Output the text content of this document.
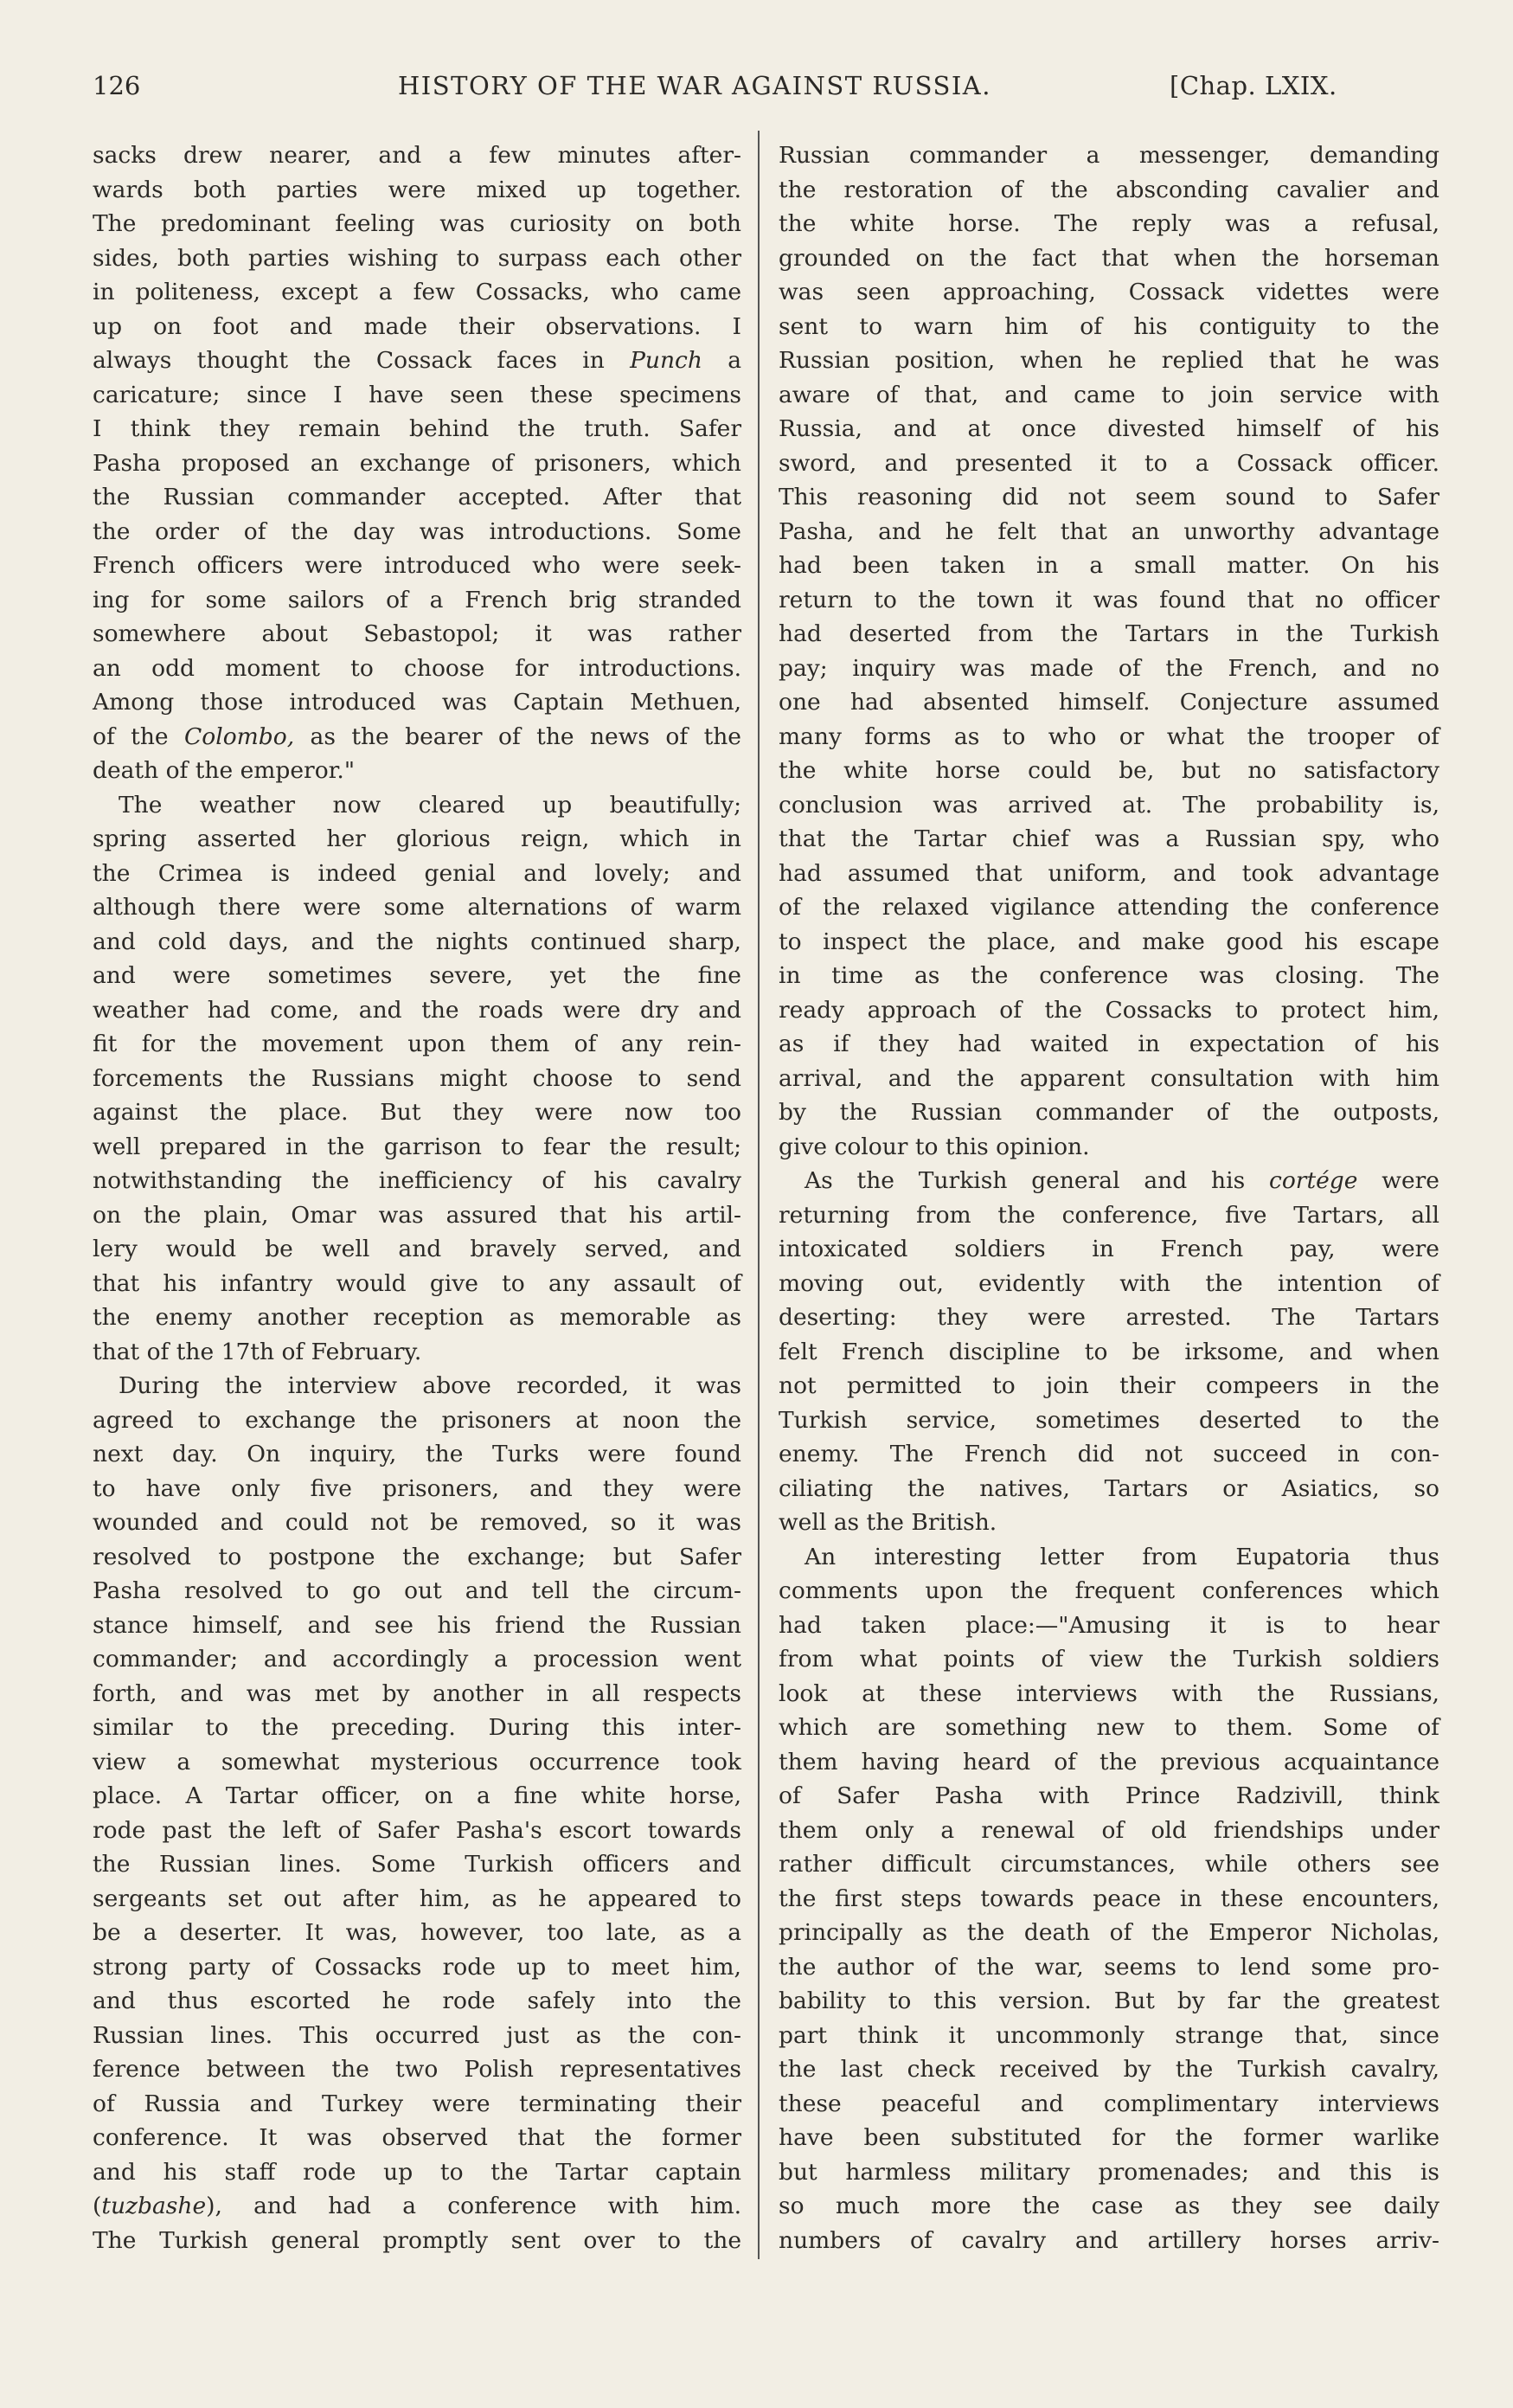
126	HISTORY OF THE WAR AGAINST RUSSIA.	[Chap. LXIX.
sacks drew nearer, and a few minutes after-
wards both parties were mixed up together.
The predominant feeling was curiosity on both
sides, both parties wishing to surpass each other
in politeness, except a few Cossacks, who came
up on foot and made their observations. I
always thought the Cossack faces in Punch a
caricature; since I have seen these specimens
I think they remain behind the truth. Safer
Pasha proposed an exchange of prisoners, which
the Russian commander accepted. After that
the order of the day was introductions. Some
French officers were introduced who were seek-
ing for some sailors of a French brig stranded
somewhere about Sebastopol; it was rather
an odd moment to choose for introductions.
Among those introduced was Captain Methuen,
of the Colombo, as the bearer of the news of the
death of the emperor."
The weather now cleared up beautifully;
spring asserted her glorious reign, which in
the Crimea is indeed genial and lovely; and
although there were some alternations of warm
and cold days, and the nights continued sharp,
and were sometimes severe, yet the fine
weather had come, and the roads were dry and
fit for the movement upon them of any rein-
forcements the Russians might choose to send
against the place. But they were now too
well prepared in the garrison to fear the result;
notwithstanding the inefficiency of his cavalry
on the plain, Omar was assured that his artil-
lery would be well and bravely served, and
that his infantry would give to any assault of
the enemy another reception as memorable as
that of the 17th of February.
During the interview above recorded, it was
agreed to exchange the prisoners at noon the
next day. On inquiry, the Turks were found
to have only five prisoners, and they were
wounded and could not be removed, so it was
resolved to postpone the exchange; but Safer
Pasha resolved to go out and tell the circum-
stance himself, and see his friend the Russian
commander; and accordingly a procession went
forth, and was met by another in all respects
similar to the preceding. During this inter-
view a somewhat mysterious occurrence took
place. A Tartar officer, on a fine white horse,
rode past the left of Safer Pasha's escort towards
the Russian lines. Some Turkish officers and
sergeants set out after him, as he appeared to
be a deserter. It was, however, too late, as a
strong party of Cossacks rode up to meet him,
and thus escorted he rode safely into the
Russian lines. This occurred just as the con-
ference between the two Polish representatives
of Russia and Turkey were terminating their
conference. It was observed that the former
and his staff rode up to the Tartar captain
(tuzbashe), and had a conference with him.
The Turkish general promptly sent over to the
Russian commander a messenger, demanding
the restoration of the absconding cavalier and
the white horse. The reply was a refusal,
grounded on the fact that when the horseman
was seen approaching, Cossack videttes were
sent to warn him of his contiguity to the
Russian position, when he replied that he was
aware of that, and came to join service with
Russia, and at once divested himself of his
sword, and presented it to a Cossack officer.
This reasoning did not seem sound to Safer
Pasha, and he felt that an unworthy advantage
had been taken in a small matter. On his
return to the town it was found that no officer
had deserted from the Tartars in the Turkish
pay; inquiry was made of the French, and no
one had absented himself. Conjecture assumed
many forms as to who or what the trooper of
the white horse could be, but no satisfactory
conclusion was arrived at. The probability is,
that the Tartar chief was a Russian spy, who
had assumed that uniform, and took advantage
of the relaxed vigilance attending the conference
to inspect the place, and make good his escape
in time as the conference was closing. The
ready approach of the Cossacks to protect him,
as if they had waited in expectation of his
arrival, and the apparent consultation with him
by the Russian commander of the outposts,
give colour to this opinion.
As the Turkish general and his cortége were
returning from the conference, five Tartars, all
intoxicated soldiers in French pay, were
moving out, evidently with the intention of
deserting: they were arrested. The Tartars
felt French discipline to be irksome, and when
not permitted to join their compeers in the
Turkish service, sometimes deserted to the
enemy. The French did not succeed in con-
ciliating the natives, Tartars or Asiatics, so
well as the British.
An interesting letter from Eupatoria thus
comments upon the frequent conferences which
had taken place:—"Amusing it is to hear
from what points of view the Turkish soldiers
look at these interviews with the Russians,
which are something new to them. Some of
them having heard of the previous acquaintance
of Safer Pasha with Prince Radzivill, think
them only a renewal of old friendships under
rather difficult circumstances, while others see
the first steps towards peace in these encounters,
principally as the death of the Emperor Nicholas,
the author of the war, seems to lend some pro-
bability to this version. But by far the greatest
part think it uncommonly strange that, since
the last check received by the Turkish cavalry,
these peaceful and complimentary interviews
have been substituted for the former warlike
but harmless military promenades; and this is
so much more the case as they see daily
numbers of cavalry and artillery horses arriv-
